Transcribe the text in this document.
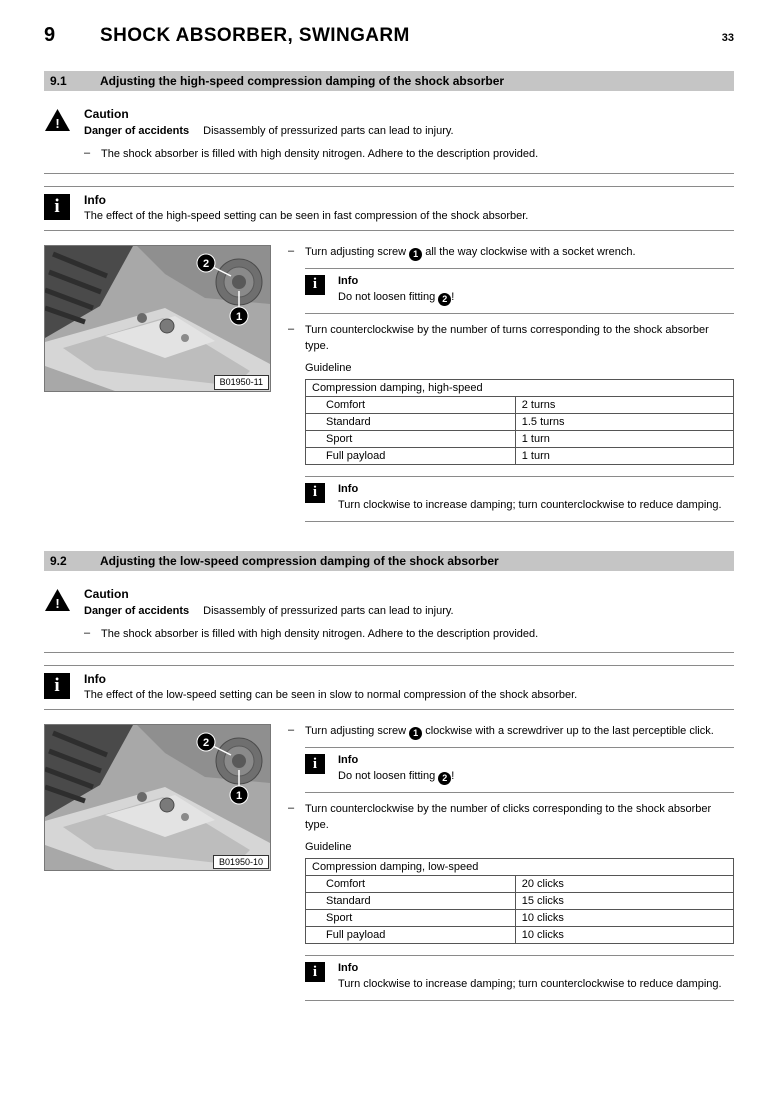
9	SHOCK ABSORBER, SWINGARM	33
9.1	Adjusting the high-speed compression damping of the shock absorber
!
Caution
Danger of accidents Disassembly of pressurized parts can lead to injury.
– The shock absorber is filled with high density nitrogen. Adhere to the description provided.
i	Info
The effect of the high-speed setting can be seen in fast compression of the shock absorber.
2
1
B01950-11
– Turn adjusting screw 1 all the way clockwise with a socket wrench.
i	Info
Do not loosen fitting 2 !
– Turn counterclockwise by the number of turns corresponding to the shock absorber type.
Guideline
Compression damping, high-speed	
Comfort	2 turns
Standard	1.5 turns
Sport	1 turn
Full payload	1 turn
i	Info
Turn clockwise to increase damping; turn counterclockwise to reduce damping.
9.2	Adjusting the low-speed compression damping of the shock absorber
!
Caution
Danger of accidents Disassembly of pressurized parts can lead to injury.
– The shock absorber is filled with high density nitrogen. Adhere to the description provided.
i	Info
The effect of the low-speed setting can be seen in slow to normal compression of the shock absorber.
2
1
B01950-10
– Turn adjusting screw 1 clockwise with a screwdriver up to the last perceptible click.
i	Info
Do not loosen fitting 2 !
– Turn counterclockwise by the number of clicks corresponding to the shock absorber type.
Guideline
Compression damping, low-speed	
Comfort	20 clicks
Standard	15 clicks
Sport	10 clicks
Full payload	10 clicks
i	Info
Turn clockwise to increase damping; turn counterclockwise to reduce damping.
